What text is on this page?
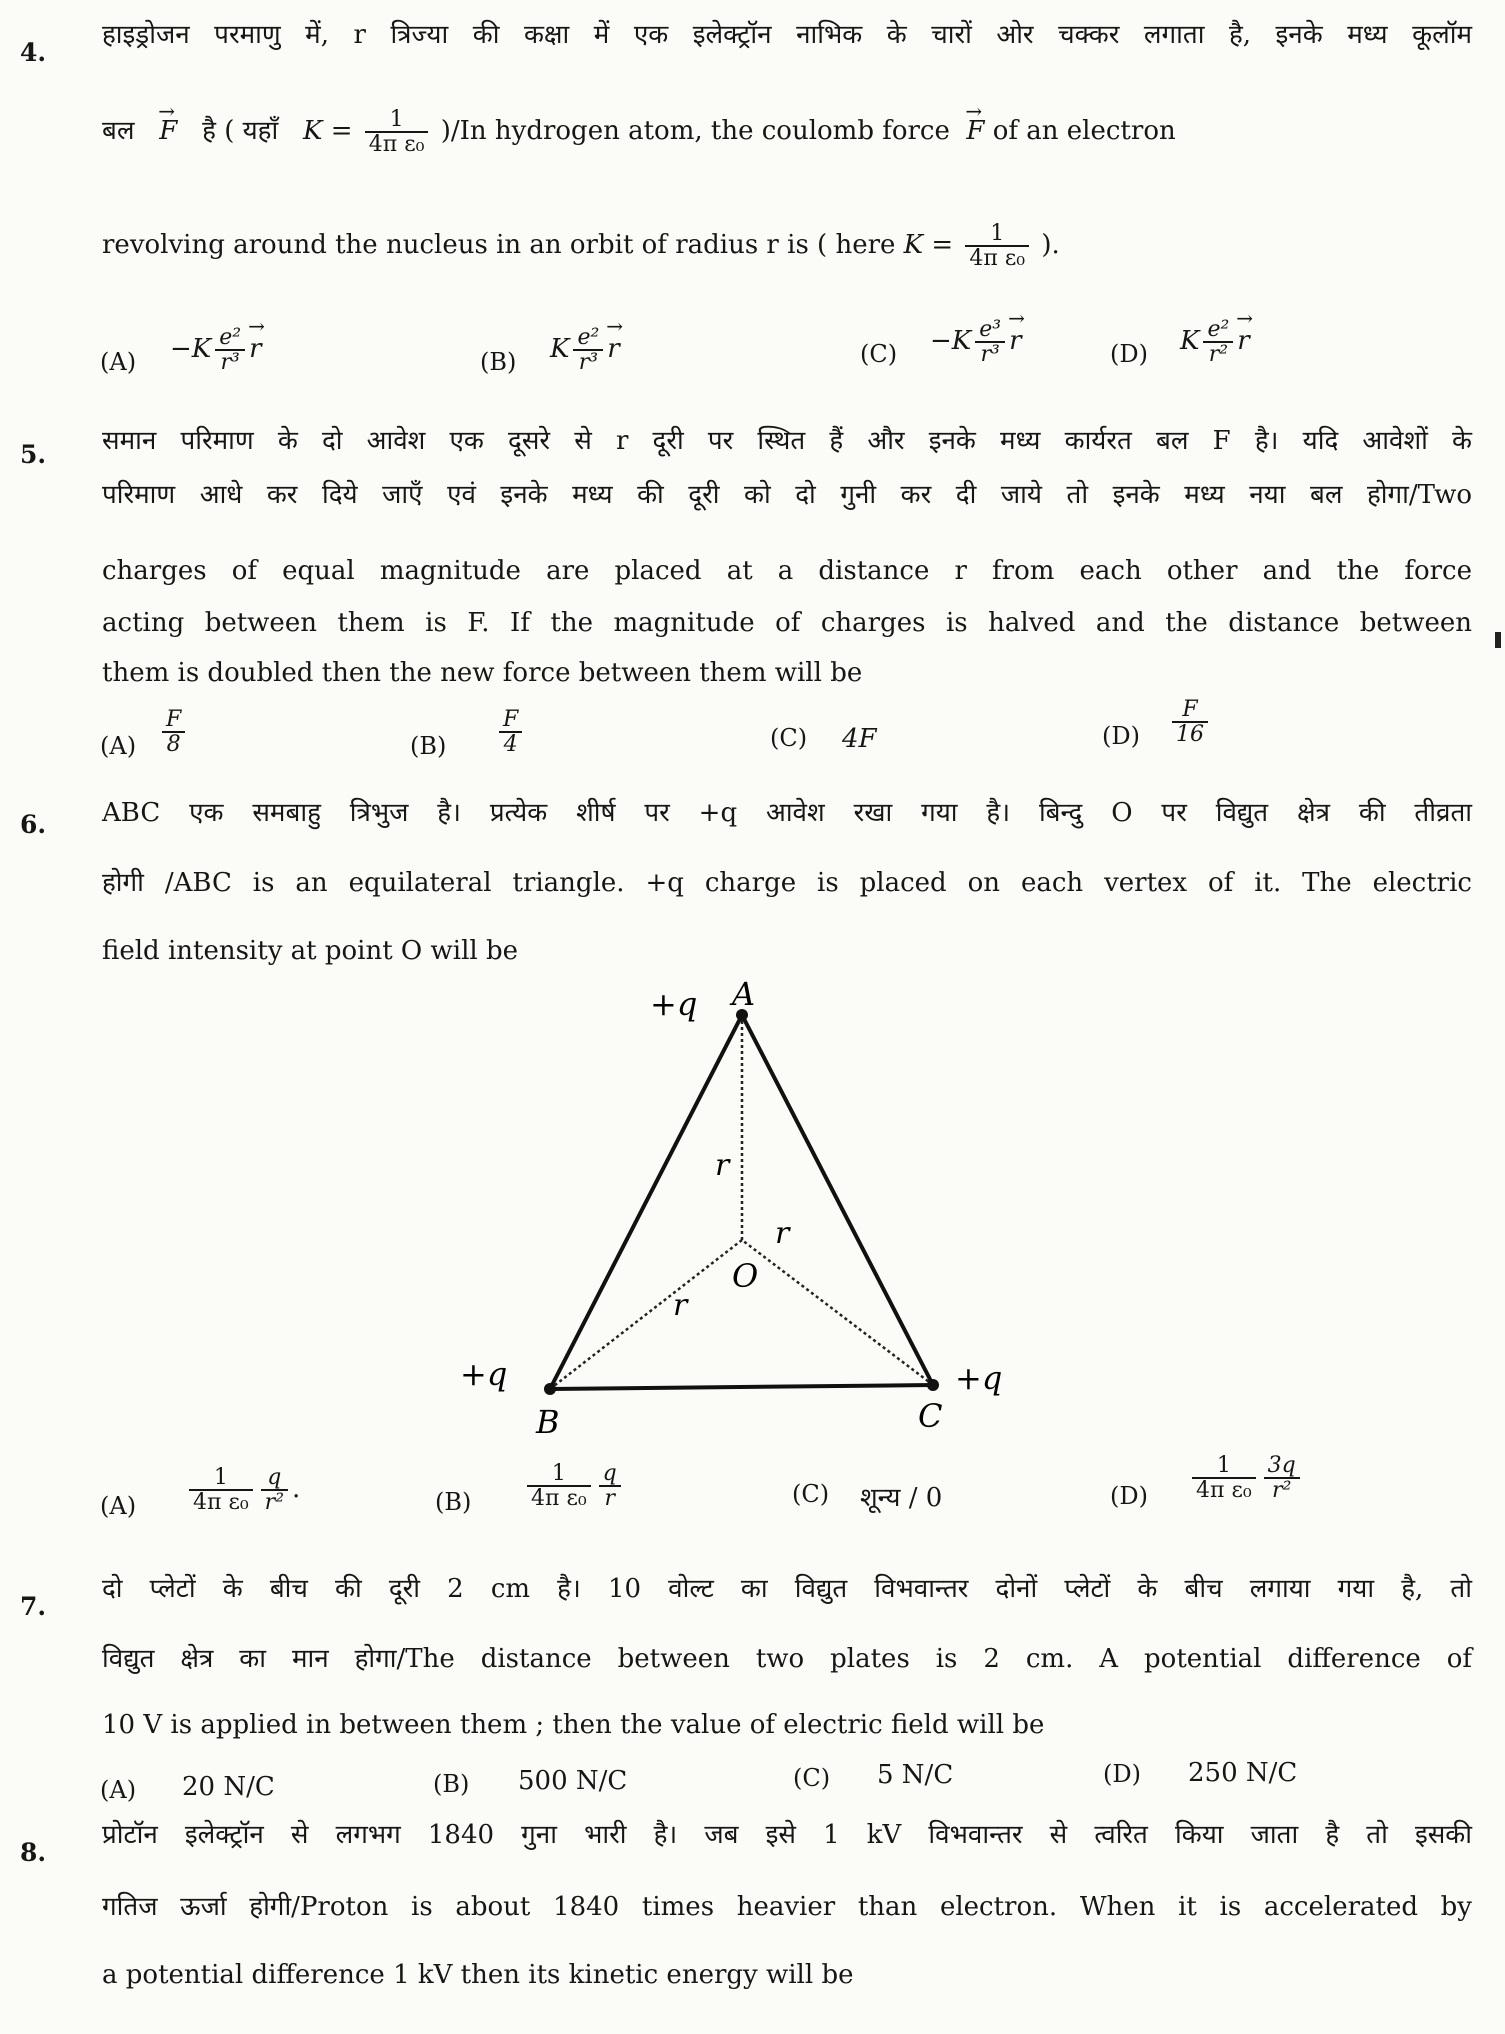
4.
हाइड्रोजन परमाणु में, r त्रिज्या की कक्षा में एक इलेक्ट्रॉन नाभिक के चारों ओर चक्कर लगाता है, इनके मध्य कूलॉम
बल   → F है ( यहाँ $K = \frac{1}{\text{4π ε₀}} )/In$ hydrogen atom, the coulomb force  → F of an electron
revolving around the nucleus in an orbit of radius r is ( here $K = \frac{1}{\text{4π ε₀}}$ ).
$(A) -K \frac{\text{e²}}{\text{r³}}$
→ r	(B) K $\frac{\text{e²}}{\text{r³}}$
→ r	$(C) -K \frac{\text{e³}}{\text{r³}}$
→ r	(D) K $\frac{\text{e²}}{\text{r²}}$
→ r
5. समान परिमाण के दो आवेश एक दूसरे से r दूरी पर स्थित हैं और इनके मध्य कार्यरत बल F है। यदि आवेशों के
परिमाण आधे कर दिये जाएँ एवं इनके मध्य की दूरी को दो गुनी कर दी जाये तो इनके मध्य नया बल होगा/Two
charges of equal magnitude are placed at a distance r from each other and the force
acting between them is F. If the magnitude of charges is halved and the distance between
them is doubled then the new force between them will be
$(A) \frac{F}{8}$	$(B) \frac{F}{4}$	(C) 4F	$(D) \frac{F}{16}$
6. ABC एक समबाहु त्रिभुज है। प्रत्येक शीर्ष पर +q आवेश रखा गया है। बिन्दु O पर विद्युत क्षेत्र की तीव्रता
होगी /ABC is an equilateral triangle. +q charge is placed on each vertex of it. The electric
field intensity at point O will be
+q A
+q
B
+q
C
O
r
r
r
$(A) \frac{1}{\text{4π ε₀}} \frac{q}{\text{r²}}$ .	(B)	$\frac{1}{\text{4π ε₀}} \frac{q}{r}$	(C) शून्य / 0	$(D) \frac{1}{\text{4π ε₀}} \frac{3q}{\text{r²}}$
7.
दो प्लेटों के बीच की दूरी 2 cm है। 10 वोल्ट का विद्युत विभवान्तर दोनों प्लेटों के बीच लगाया गया है, तो
विद्युत क्षेत्र का मान होगा/The distance between two plates is 2 cm. A potential difference of
10 V is applied in between them ; then the value of electric field will be
(A) 20 N/C	(B) 500 N/C	(C) 5 N/C	(D) 250 N/C
8.
प्रोटॉन इलेक्ट्रॉन से लगभग 1840 गुना भारी है। जब इसे 1 kV विभवान्तर से त्वरित किया जाता है तो इसकी
गतिज ऊर्जा होगी/Proton is about 1840 times heavier than electron. When it is accelerated by
a potential difference 1 kV then its kinetic energy will be
